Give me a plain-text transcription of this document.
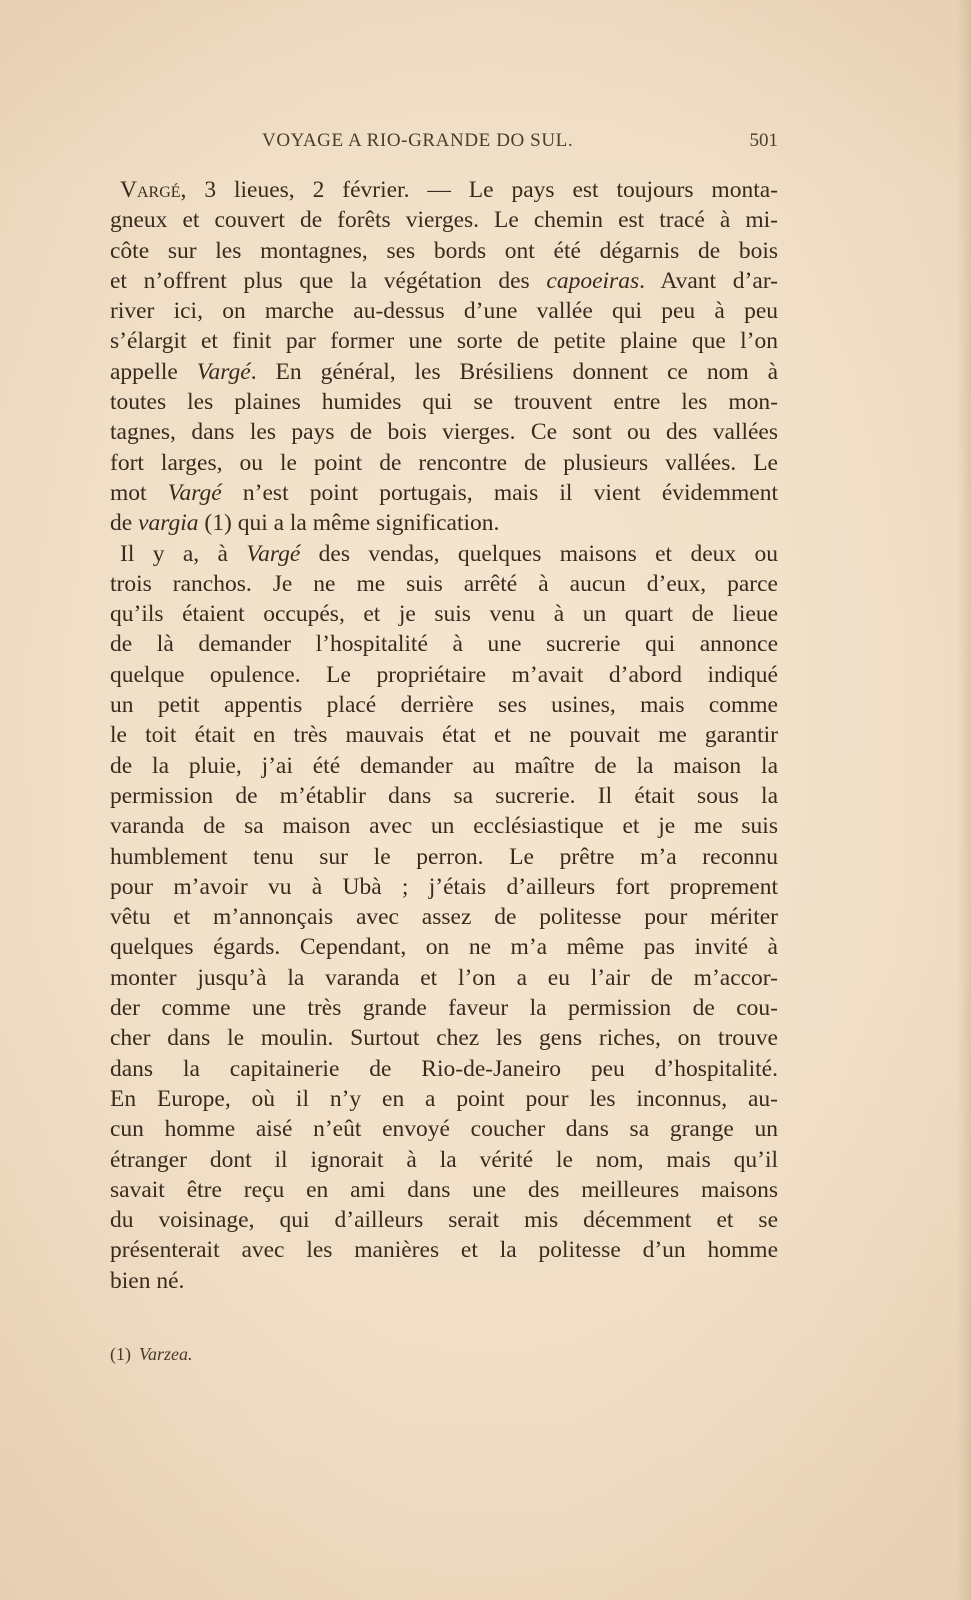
VOYAGE A RIO-GRANDE DO SUL.	501
Vargé, 3 lieues, 2 février. — Le pays est toujours monta-
gneux et couvert de forêts vierges. Le chemin est tracé à mi-
côte sur les montagnes, ses bords ont été dégarnis de bois
et n’offrent plus que la végétation des capoeiras. Avant d’ar-
river ici, on marche au-dessus d’une vallée qui peu à peu
s’élargit et finit par former une sorte de petite plaine que l’on
appelle Vargé. En général, les Brésiliens donnent ce nom à
toutes les plaines humides qui se trouvent entre les mon-
tagnes, dans les pays de bois vierges. Ce sont ou des vallées
fort larges, ou le point de rencontre de plusieurs vallées. Le
mot Vargé n’est point portugais, mais il vient évidemment
de vargia (1) qui a la même signification.
Il y a, à Vargé des vendas, quelques maisons et deux ou
trois ranchos. Je ne me suis arrêté à aucun d’eux, parce
qu’ils étaient occupés, et je suis venu à un quart de lieue
de là demander l’hospitalité à une sucrerie qui annonce
quelque opulence. Le propriétaire m’avait d’abord indiqué
un petit appentis placé derrière ses usines, mais comme
le toit était en très mauvais état et ne pouvait me garantir
de la pluie, j’ai été demander au maître de la maison la
permission de m’établir dans sa sucrerie. Il était sous la
varanda de sa maison avec un ecclésiastique et je me suis
humblement tenu sur le perron. Le prêtre m’a reconnu
pour m’avoir vu à Ubà ; j’étais d’ailleurs fort proprement
vêtu et m’annonçais avec assez de politesse pour mériter
quelques égards. Cependant, on ne m’a même pas invité à
monter jusqu’à la varanda et l’on a eu l’air de m’accor-
der comme une très grande faveur la permission de cou-
cher dans le moulin. Surtout chez les gens riches, on trouve
dans la capitainerie de Rio-de-Janeiro peu d’hospitalité.
En Europe, où il n’y en a point pour les inconnus, au-
cun homme aisé n’eût envoyé coucher dans sa grange un
étranger dont il ignorait à la vérité le nom, mais qu’il
savait être reçu en ami dans une des meilleures maisons
du voisinage, qui d’ailleurs serait mis décemment et se
présenterait avec les manières et la politesse d’un homme
bien né.
(1) Varzea.
